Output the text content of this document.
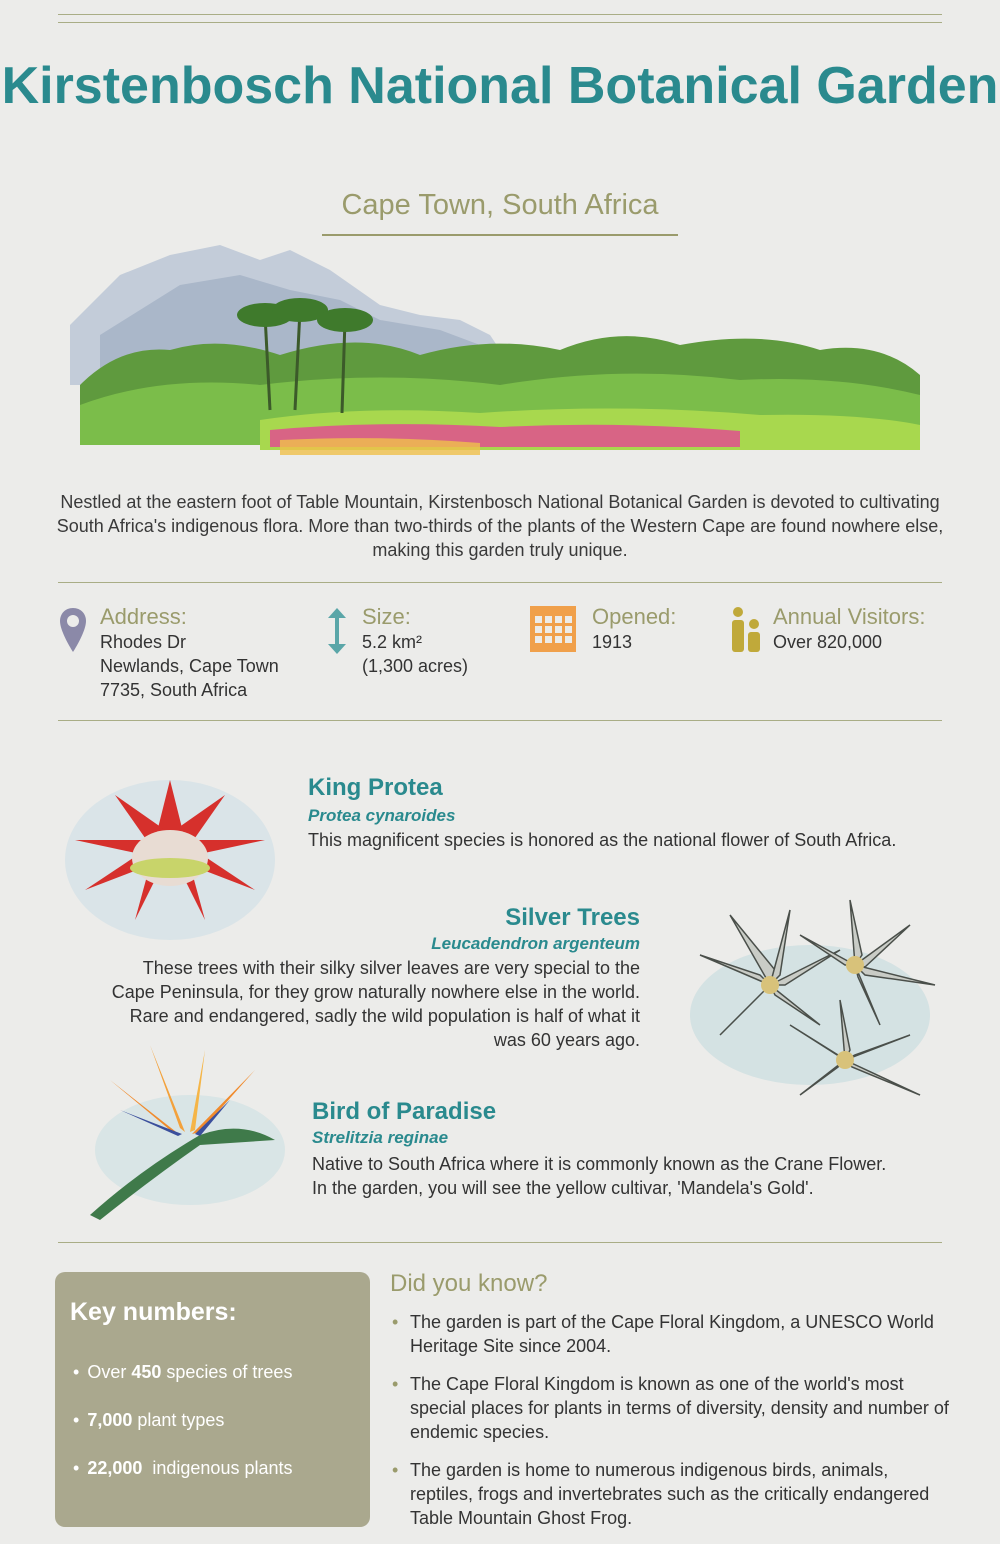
Kirstenbosch National Botanical Garden
Cape Town, South Africa
Nestled at the eastern foot of Table Mountain, Kirstenbosch National Botanical Garden is devoted to cultivating South Africa's indigenous flora. More than two-thirds of the plants of the Western Cape are found nowhere else, making this garden truly unique.
Address:
Rhodes Dr
Newlands, Cape Town
7735, South Africa
Size:
5.2 km²
(1,300 acres)
Opened:
1913
Annual Visitors:
Over 820,000
King Protea
Protea cynaroides
This magnificent species is honored as the national flower of South Africa.
Silver Trees
Leucadendron argenteum
These trees with their silky silver leaves are very special to the
Cape Peninsula, for they grow naturally nowhere else in the world.
Rare and endangered, sadly the wild population is half of what it
was 60 years ago.
Bird of Paradise
Strelitzia reginae
Native to South Africa where it is commonly known as the Crane Flower.
In the garden, you will see the yellow cultivar, 'Mandela's Gold'.
Key numbers:
• Over 450 species of trees
• 7,000 plant types
• 22,000  indigenous plants
Did you know?
• The garden is part of the Cape Floral Kingdom, a UNESCO World Heritage Site since 2004.
• The Cape Floral Kingdom is known as one of the world's most special places for plants in terms of diversity, density and number of endemic species.
• The garden is home to numerous indigenous birds, animals, reptiles, frogs and invertebrates such as the critically endangered Table Mountain Ghost Frog.
